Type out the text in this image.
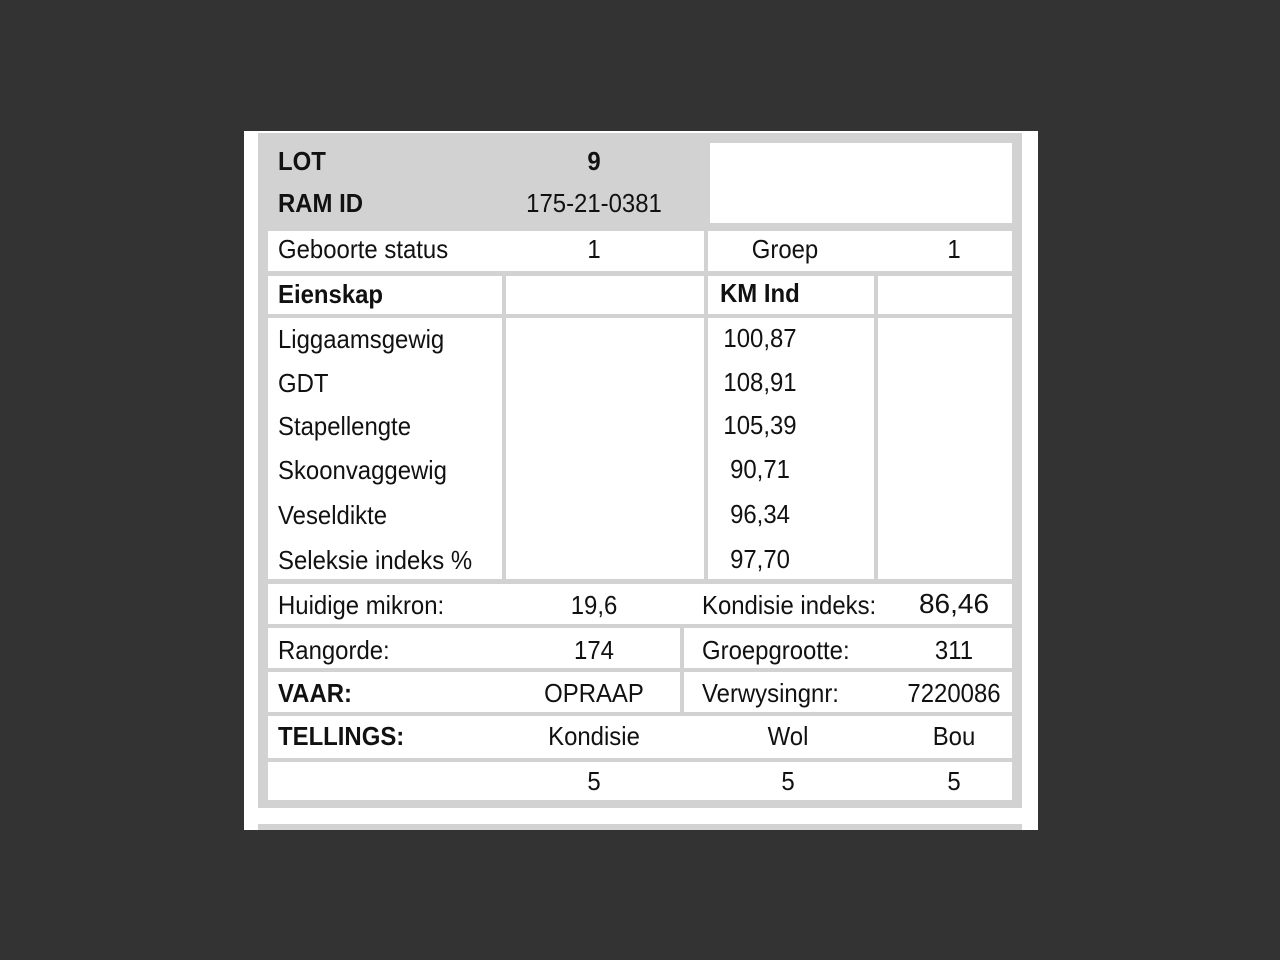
LOT	9
RAM ID	175-21-0381
Geboorte status	1	Groep	1
Eienskap	KM Ind
Liggaamsgewig	100,87
GDT	108,91
Stapellengte	105,39
Skoonvaggewig	90,71
Veseldikte	96,34
Seleksie indeks %	97,70
Huidige mikron:	19,6	Kondisie indeks: 86,46
Rangorde:	174	Groepgrootte:	311
VAAR:	OPRAAP Verwysingnr:	7220086
TELLINGS:	Kondisie	Wol	Bou
5	5	5
